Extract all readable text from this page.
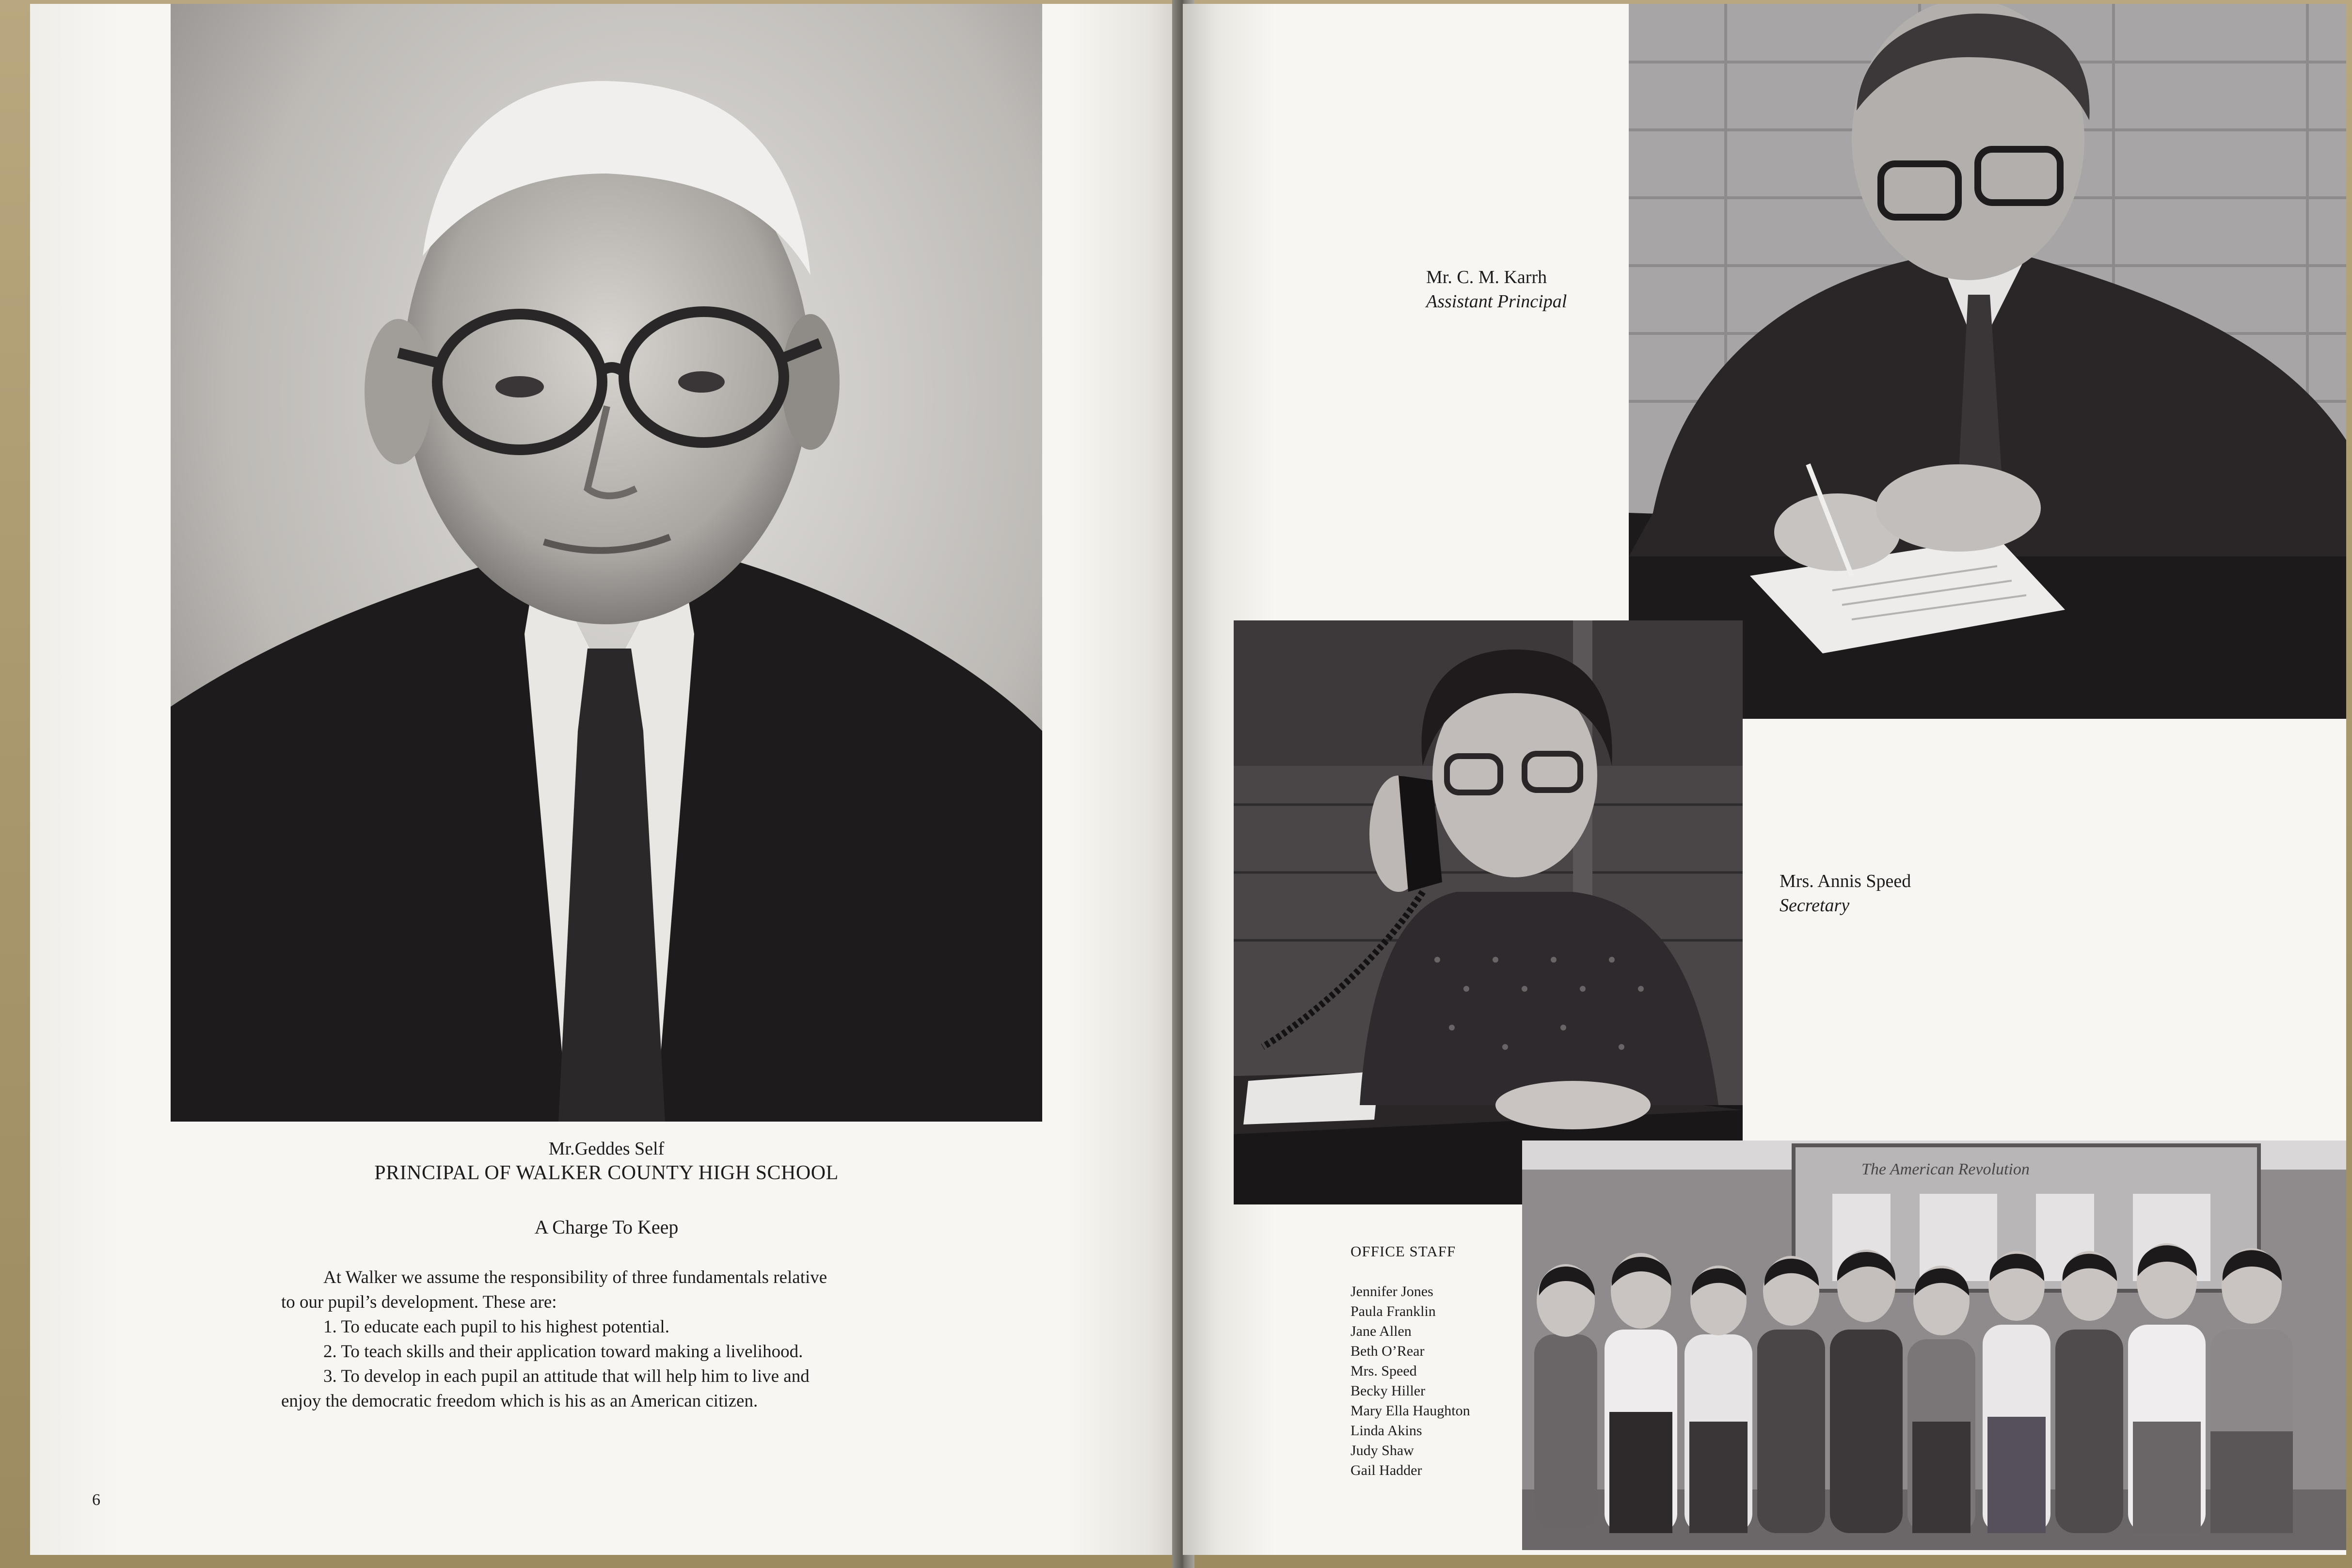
Mr.Geddes Self
PRINCIPAL OF WALKER COUNTY HIGH SCHOOL
A Charge To Keep
At Walker we assume the responsibility of three fundamentals relative
to our pupil’s development. These are:
1. To educate each pupil to his highest potential.
2. To teach skills and their application toward making a livelihood.
3. To develop in each pupil an attitude that will help him to live and
enjoy the democratic freedom which is his as an American citizen.
6
Mr. C. M. Karrh
Assistant Principal
Mrs. Annis Speed
Secretary
The American Revolution
OFFICE STAFF
Jennifer Jones
Paula Franklin
Jane Allen
Beth O’Rear
Mrs. Speed
Becky Hiller
Mary Ella Haughton
Linda Akins
Judy Shaw
Gail Hadder
